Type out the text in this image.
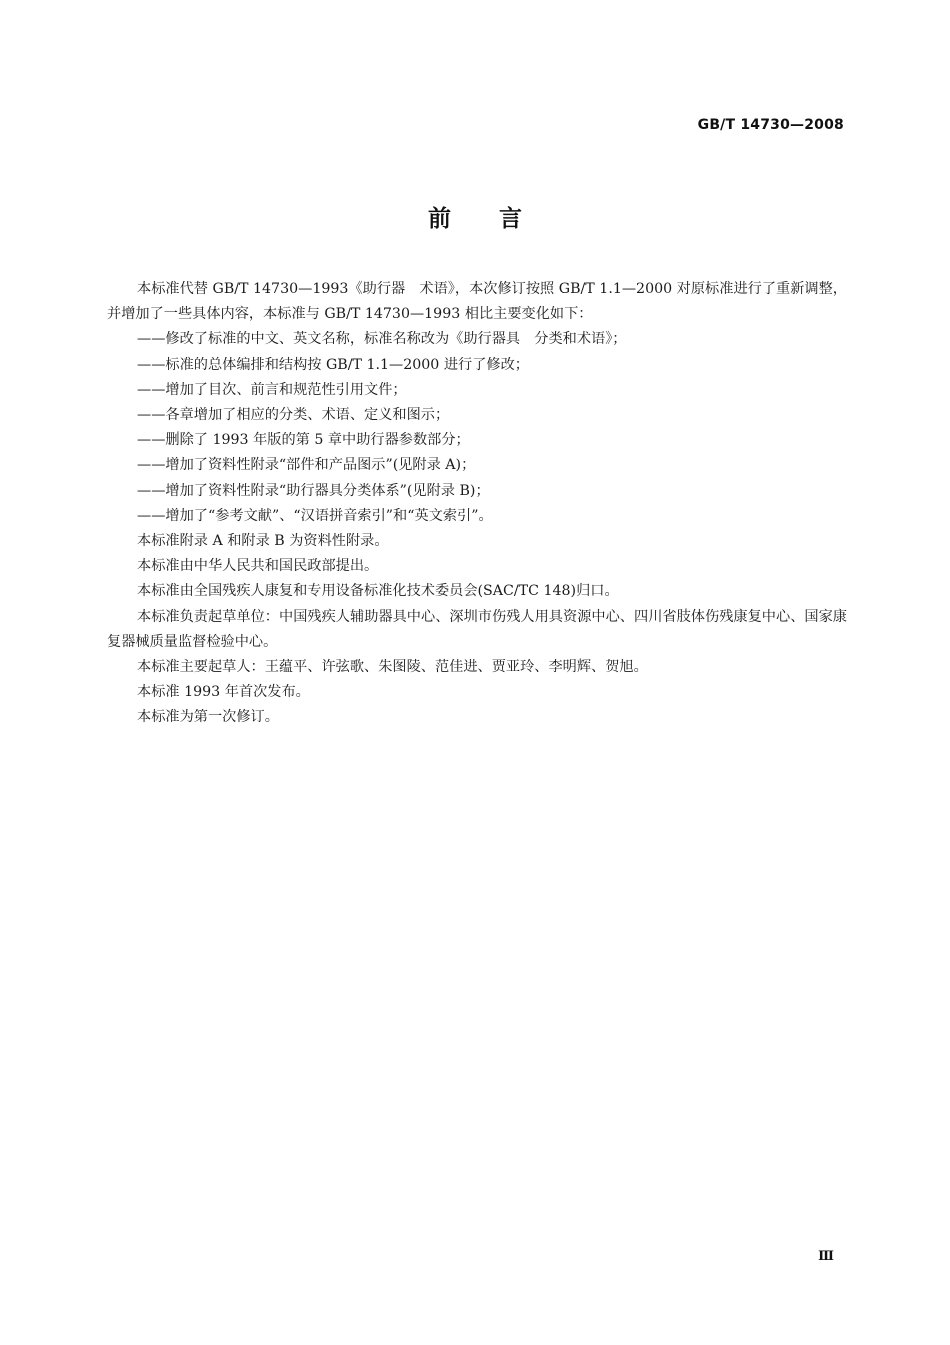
GB/T 14730—2008
前言

本标准代替 GB/T 14730—1993《助行器　术语》，本次修订按照 GB/T 1.1—2000 对原标准进行了重新调整，并增加了一些具体内容，本标准与 GB/T 14730—1993 相比主要变化如下：

——修改了标准的中文、英文名称，标准名称改为《助行器具　分类和术语》；

——标准的总体编排和结构按 GB/T 1.1—2000 进行了修改；

——增加了目次、前言和规范性引用文件；

——各章增加了相应的分类、术语、定义和图示；

——删除了 1993 年版的第 5 章中助行器参数部分；

——增加了资料性附录“部件和产品图示”(见附录 A)；

——增加了资料性附录“助行器具分类体系”(见附录 B)；

——增加了“参考文献”、“汉语拼音索引”和“英文索引”。

本标准附录 A 和附录 B 为资料性附录。

本标准由中华人民共和国民政部提出。

本标准由全国残疾人康复和专用设备标准化技术委员会(SAC/TC 148)归口。

本标准负责起草单位：中国残疾人辅助器具中心、深圳市伤残人用具资源中心、四川省肢体伤残康复中心、国家康复器械质量监督检验中心。

本标准主要起草人：王蕴平、许弦歌、朱图陵、范佳进、贾亚玲、李明辉、贺旭。

本标准 1993 年首次发布。

本标准为第一次修订。

Ⅲ
